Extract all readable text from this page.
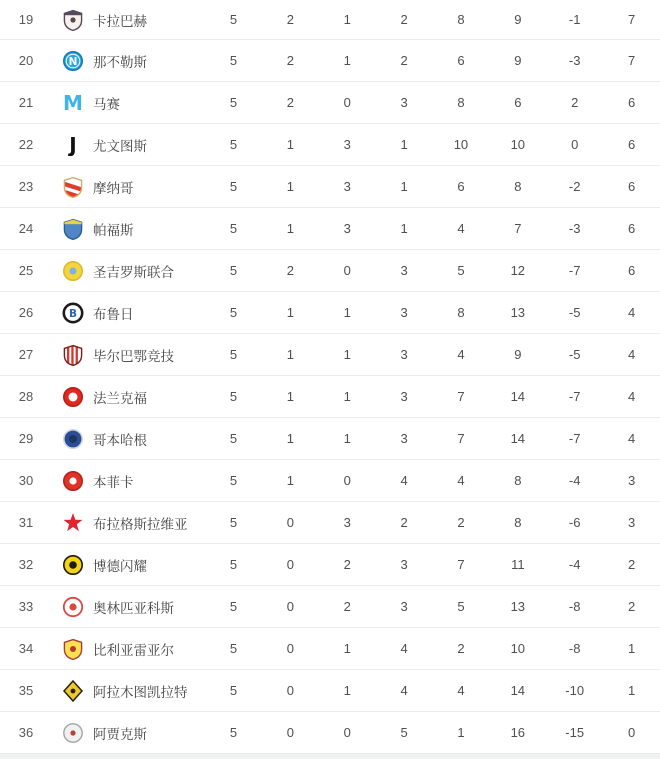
19	卡拉巴赫	5	2	1	2	8	9	-1	7
20	N 那不勒斯	5	2	1	2	6	9	-3	7
21	M 马赛	5	2	0	3	8	6	2	6
22	J 尤文图斯	5	1	3	1	10	10	0	6
23	摩纳哥	5	1	3	1	6	8	-2	6
24	帕福斯	5	1	3	1	4	7	-3	6
25	圣吉罗斯联合	5	2	0	3	5	12	-7	6
26	B 布鲁日	5	1	1	3	8	13	-5	4
27	毕尔巴鄂竞技	5	1	1	3	4	9	-5	4
28	法兰克福	5	1	1	3	7	14	-7	4
29	哥本哈根	5	1	1	3	7	14	-7	4
30	本菲卡	5	1	0	4	4	8	-4	3
31	布拉格斯拉维亚	5	0	3	2	2	8	-6	3
32	博德闪耀	5	0	2	3	7	11	-4	2
33	奥林匹亚科斯	5	0	2	3	5	13	-8	2
34	比利亚雷亚尔	5	0	1	4	2	10	-8	1
35	阿拉木图凯拉特	5	0	1	4	4	14	-10	1
36	阿贾克斯	5	0	0	5	1	16	-15	0
